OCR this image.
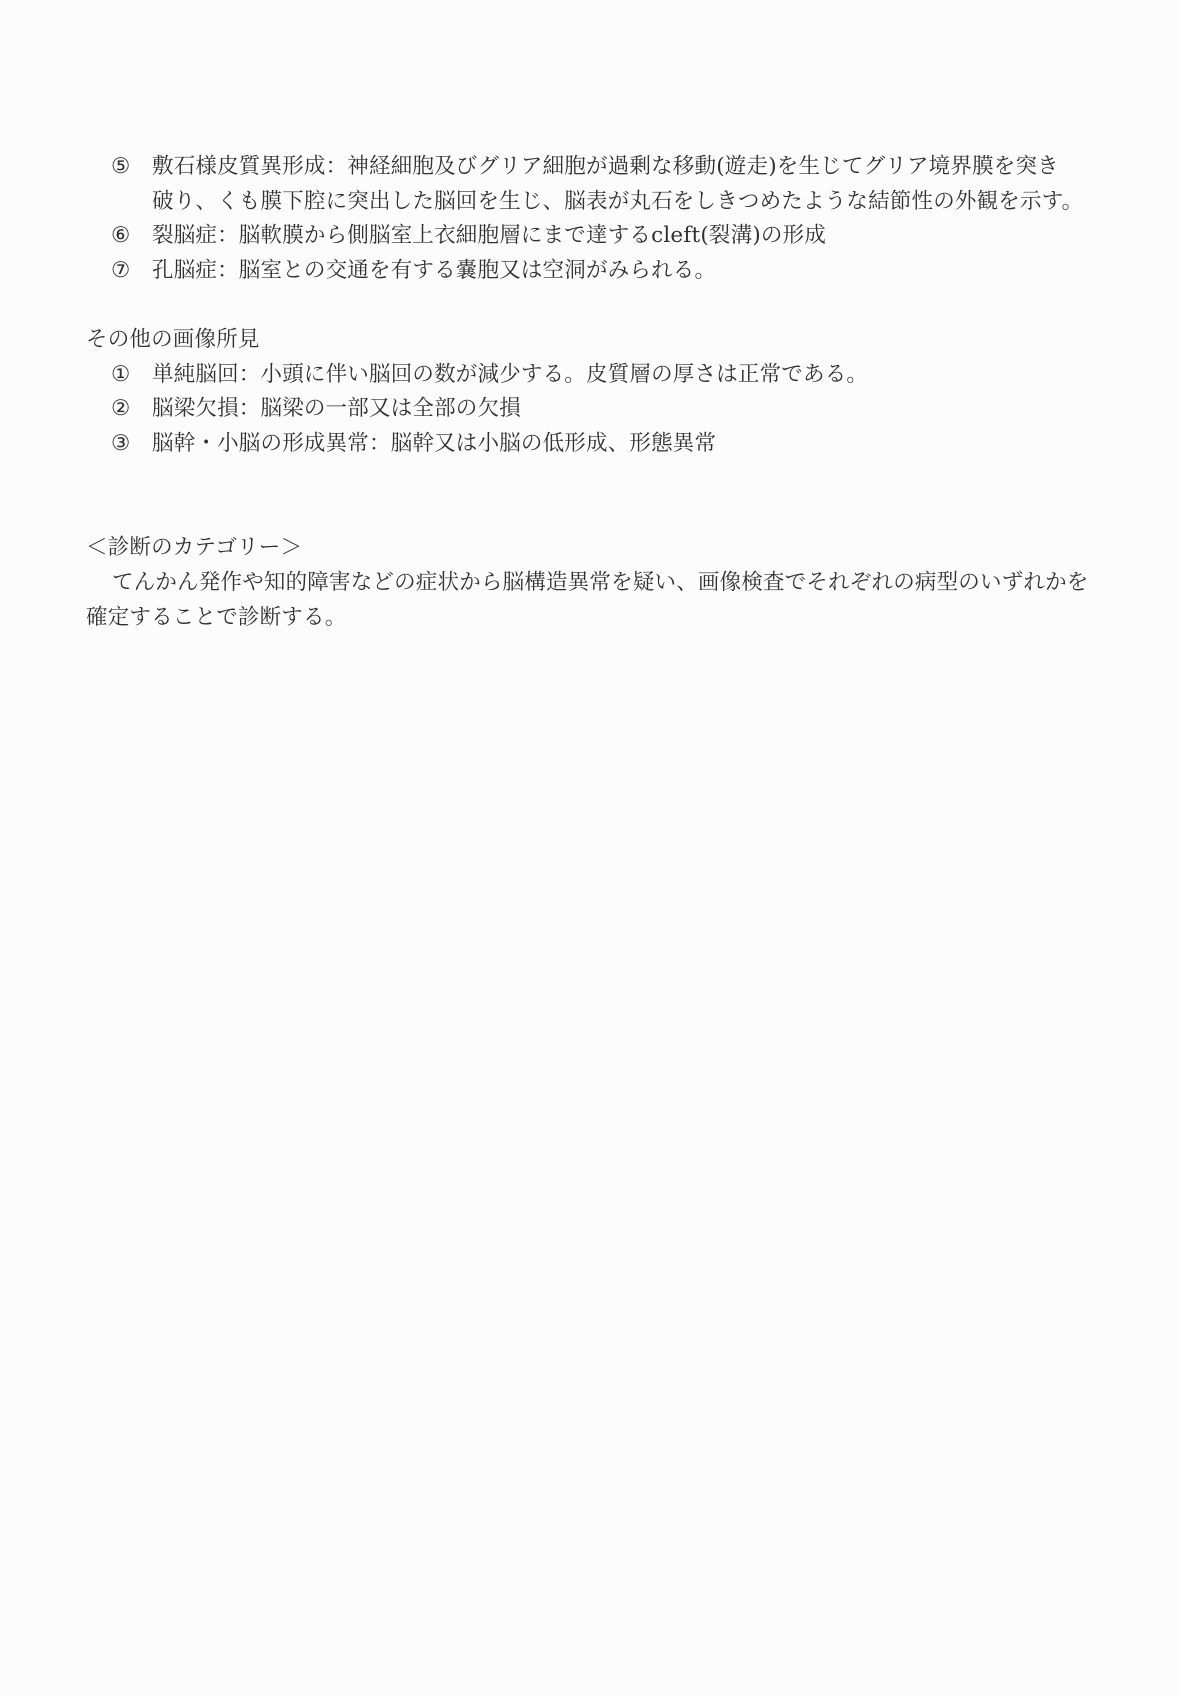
⑤	敷石様皮質異形成：神経細胞及びグリア細胞が過剰な移動(遊走)を生じてグリア境界膜を突き
破り、くも膜下腔に突出した脳回を生じ、脳表が丸石をしきつめたような結節性の外観を示す。
⑥	裂脳症：脳軟膜から側脳室上衣細胞層にまで達するcleft(裂溝)の形成
⑦	孔脳症：脳室との交通を有する嚢胞又は空洞がみられる。
その他の画像所見
①	単純脳回：小頭に伴い脳回の数が減少する。皮質層の厚さは正常である。
②	脳梁欠損：脳梁の一部又は全部の欠損
③	脳幹・小脳の形成異常：脳幹又は小脳の低形成、形態異常
＜診断のカテゴリー＞
てんかん発作や知的障害などの症状から脳構造異常を疑い、画像検査でそれぞれの病型のいずれかを
確定することで診断する。
